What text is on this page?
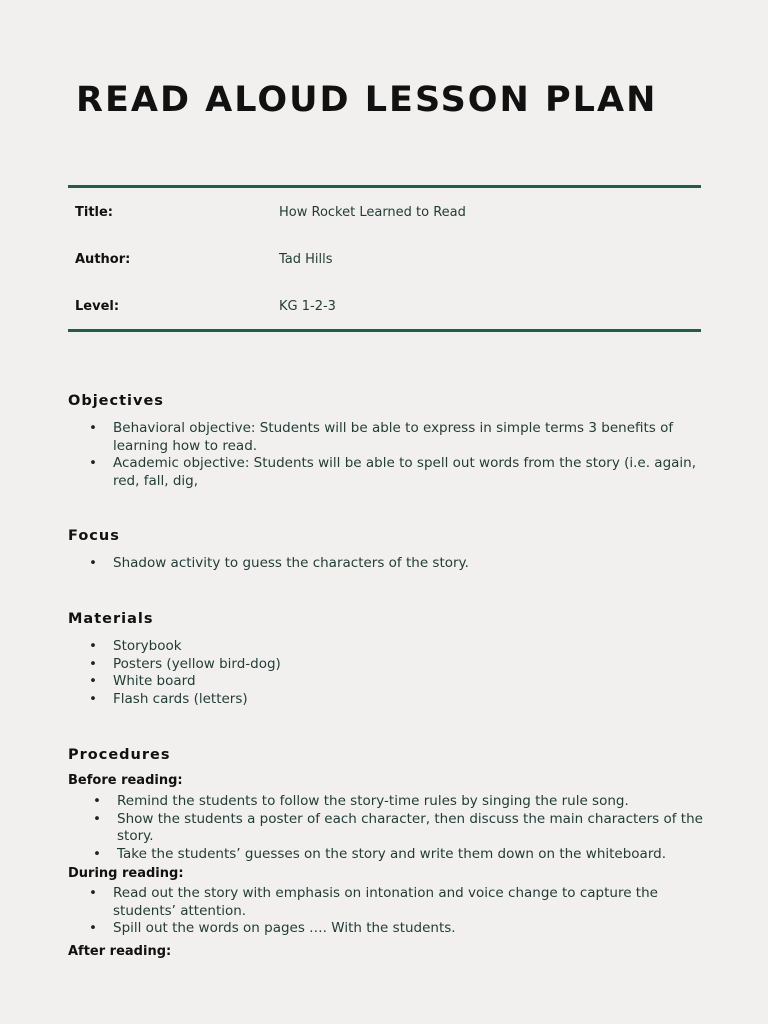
READ ALOUD LESSON PLAN
Title:	How Rocket Learned to Read
Author:	Tad Hills
Level:	KG 1-2-3
Objectives
• Behavioral objective: Students will be able to express in simple terms 3 benefits of learning how to read.
• Academic objective: Students will be able to spell out words from the story (i.e. again, red, fall, dig,
Focus
• Shadow activity to guess the characters of the story.
Materials
• Storybook
• Posters (yellow bird-dog)
• White board
• Flash cards (letters)
Procedures
Before reading:
• Remind the students to follow the story-time rules by singing the rule song.
• Show the students a poster of each character, then discuss the main characters of the story.
• Take the students’ guesses on the story and write them down on the whiteboard.
During reading:
• Read out the story with emphasis on intonation and voice change to capture the students’ attention.
• Spill out the words on pages …. With the students.
After reading:
